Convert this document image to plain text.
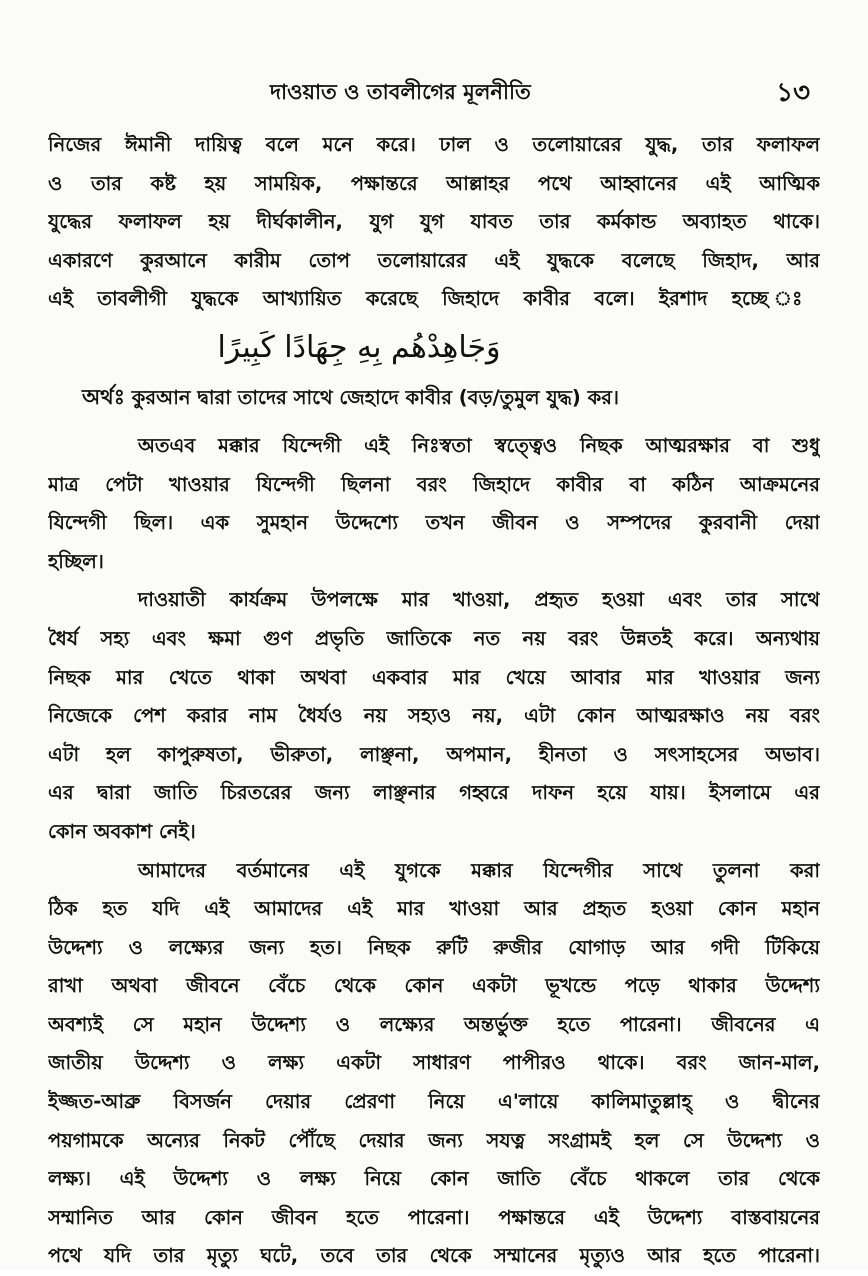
দাওয়াত ও তাবলীগের মূলনীতি	১৩
নিজের ঈমানী দায়িত্ব বলে মনে করে। ঢাল ও তলোয়ারের যুদ্ধ, তার ফলাফল
ও তার কষ্ট হয় সাময়িক, পক্ষান্তরে আল্লাহর পথে আহ্বানের এই আত্মিক
যুদ্ধের ফলাফল হয় দীর্ঘকালীন, যুগ যুগ যাবত তার কর্মকান্ড অব্যাহত থাকে।
একারণে কুরআনে কারীম তোপ তলোয়ারের এই যুদ্ধকে বলেছে জিহাদ, আর
এই তাবলীগী যুদ্ধকে আখ্যায়িত করেছে জিহাদে কাবীর বলে। ইরশাদ হচ্ছে ঃ
وَجَاهِدْهُم بِهِ جِهَادًا كَبِيرًا
অর্থঃ কুরআন দ্বারা তাদের সাথে জেহাদে কাবীর (বড়/তুমুল যুদ্ধ) কর।
অতএব মক্কার যিন্দেগী এই নিঃস্বতা স্বত্ত্বেও নিছক আত্মরক্ষার বা শুধু
মাত্র পেটা খাওয়ার যিন্দেগী ছিলনা বরং জিহাদে কাবীর বা কঠিন আক্রমনের
যিন্দেগী ছিল। এক সুমহান উদ্দেশ্যে তখন জীবন ও সম্পদের কুরবানী দেয়া
হচ্ছিল।
দাওয়াতী কার্যক্রম উপলক্ষে মার খাওয়া, প্রহৃত হওয়া এবং তার সাথে
ধৈর্য সহ্য এবং ক্ষমা গুণ প্রভৃতি জাতিকে নত নয় বরং উন্নতই করে। অন্যথায়
নিছক মার খেতে থাকা অথবা একবার মার খেয়ে আবার মার খাওয়ার জন্য
নিজেকে পেশ করার নাম ধৈর্যও নয় সহ্যও নয়, এটা কোন আত্মরক্ষাও নয় বরং
এটা হল কাপুরুষতা, ভীরুতা, লাঞ্ছনা, অপমান, হীনতা ও সৎসাহসের অভাব।
এর দ্বারা জাতি চিরতরের জন্য লাঞ্ছনার গহ্বরে দাফন হয়ে যায়। ইসলামে এর
কোন অবকাশ নেই।
আমাদের বর্তমানের এই যুগকে মক্কার যিন্দেগীর সাথে তুলনা করা
ঠিক হত যদি এই আমাদের এই মার খাওয়া আর প্রহৃত হওয়া কোন মহান
উদ্দেশ্য ও লক্ষ্যের জন্য হত। নিছক রুটি রুজীর যোগাড় আর গদী টিকিয়ে
রাখা অথবা জীবনে বেঁচে থেকে কোন একটা ভূখন্ডে পড়ে থাকার উদ্দেশ্য
অবশ্যই সে মহান উদ্দেশ্য ও লক্ষ্যের অন্তর্ভুক্ত হতে পারেনা। জীবনের এ
জাতীয় উদ্দেশ্য ও লক্ষ্য একটা সাধারণ পাপীরও থাকে। বরং জান-মাল,
ইজ্জত-আব্রু বিসর্জন দেয়ার প্রেরণা নিয়ে এ'লায়ে কালিমাতুল্লাহ্ ও দ্বীনের
পয়গামকে অন্যের নিকট পৌঁছে দেয়ার জন্য সযত্ন সংগ্রামই হল সে উদ্দেশ্য ও
লক্ষ্য। এই উদ্দেশ্য ও লক্ষ্য নিয়ে কোন জাতি বেঁচে থাকলে তার থেকে
সম্মানিত আর কোন জীবন হতে পারেনা। পক্ষান্তরে এই উদ্দেশ্য বাস্তবায়নের
পথে যদি তার মৃত্যু ঘটে, তবে তার থেকে সম্মানের মৃত্যুও আর হতে পারেনা।
